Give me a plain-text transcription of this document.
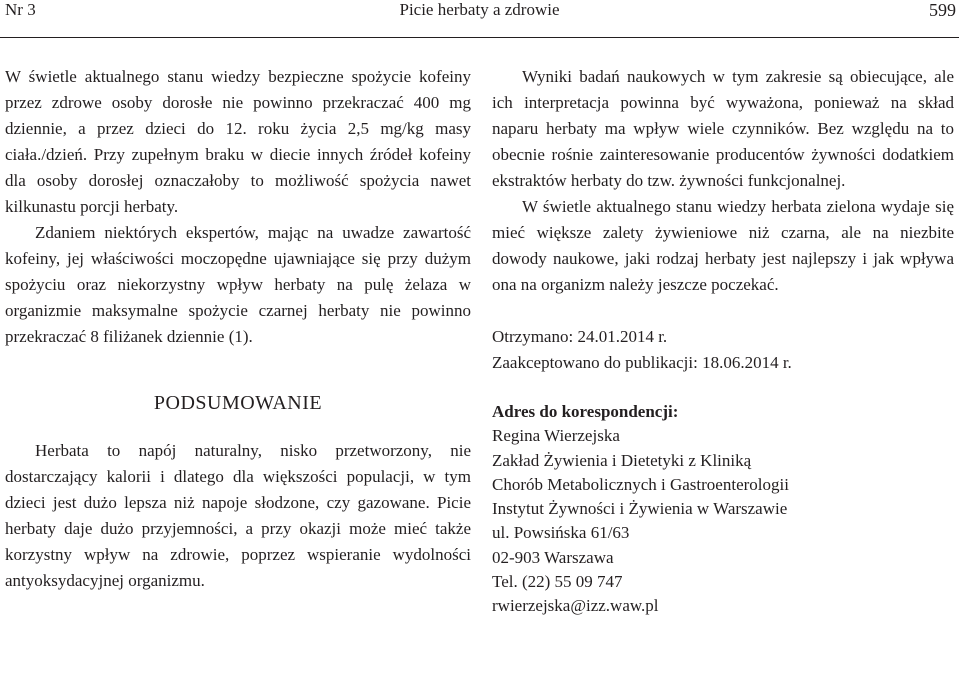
Picie herbaty a zdrowie
Nr 3	599

W świetle aktualnego stanu wiedzy bezpieczne spożycie kofeiny przez zdrowe osoby dorosłe nie powinno przekraczać 400 mg dziennie, a przez dzieci do 12. roku życia 2,5 mg/kg masy ciała./dzień. Przy zupełnym braku w diecie innych źródeł kofeiny dla osoby dorosłej oznaczałoby to możliwość spożycia nawet kilkunastu porcji herbaty.

Zdaniem niektórych ekspertów, mając na uwadze zawartość kofeiny, jej właściwości moczopędne ujawniające się przy dużym spożyciu oraz niekorzystny wpływ herbaty na pulę żelaza w organizmie maksymalne spożycie czarnej herbaty nie powinno przekraczać 8 filiżanek dziennie (1).

PODSUMOWANIE

Herbata to napój naturalny, nisko przetworzony, nie dostarczający kalorii i dlatego dla większości populacji, w tym dzieci jest dużo lepsza niż napoje słodzone, czy gazowane. Picie herbaty daje dużo przyjemności, a przy okazji może mieć także korzystny wpływ na zdrowie, poprzez wspieranie wydolności antyoksydacyjnej organizmu.

Wyniki badań naukowych w tym zakresie są obiecujące, ale ich interpretacja powinna być wyważona, ponieważ na skład naparu herbaty ma wpływ wiele czynników. Bez względu na to obecnie rośnie zainteresowanie producentów żywności dodatkiem ekstraktów herbaty do tzw. żywności funkcjonalnej.

W świetle aktualnego stanu wiedzy herbata zielona wydaje się mieć większe zalety żywieniowe niż czarna, ale na niezbite dowody naukowe, jaki rodzaj herbaty jest najlepszy i jak wpływa ona na organizm należy jeszcze poczekać.

Otrzymano: 24.01.2014 r.
Zaakceptowano do publikacji: 18.06.2014 r.
Adres do korespondencji:
Regina Wierzejska
Zakład Żywienia i Dietetyki z Kliniką
Chorób Metabolicznych i Gastroenterologii
Instytut Żywności i Żywienia w Warszawie
ul. Powsińska 61/63
02-903 Warszawa
Tel. (22) 55 09 747
rwierzejska@izz.waw.pl
